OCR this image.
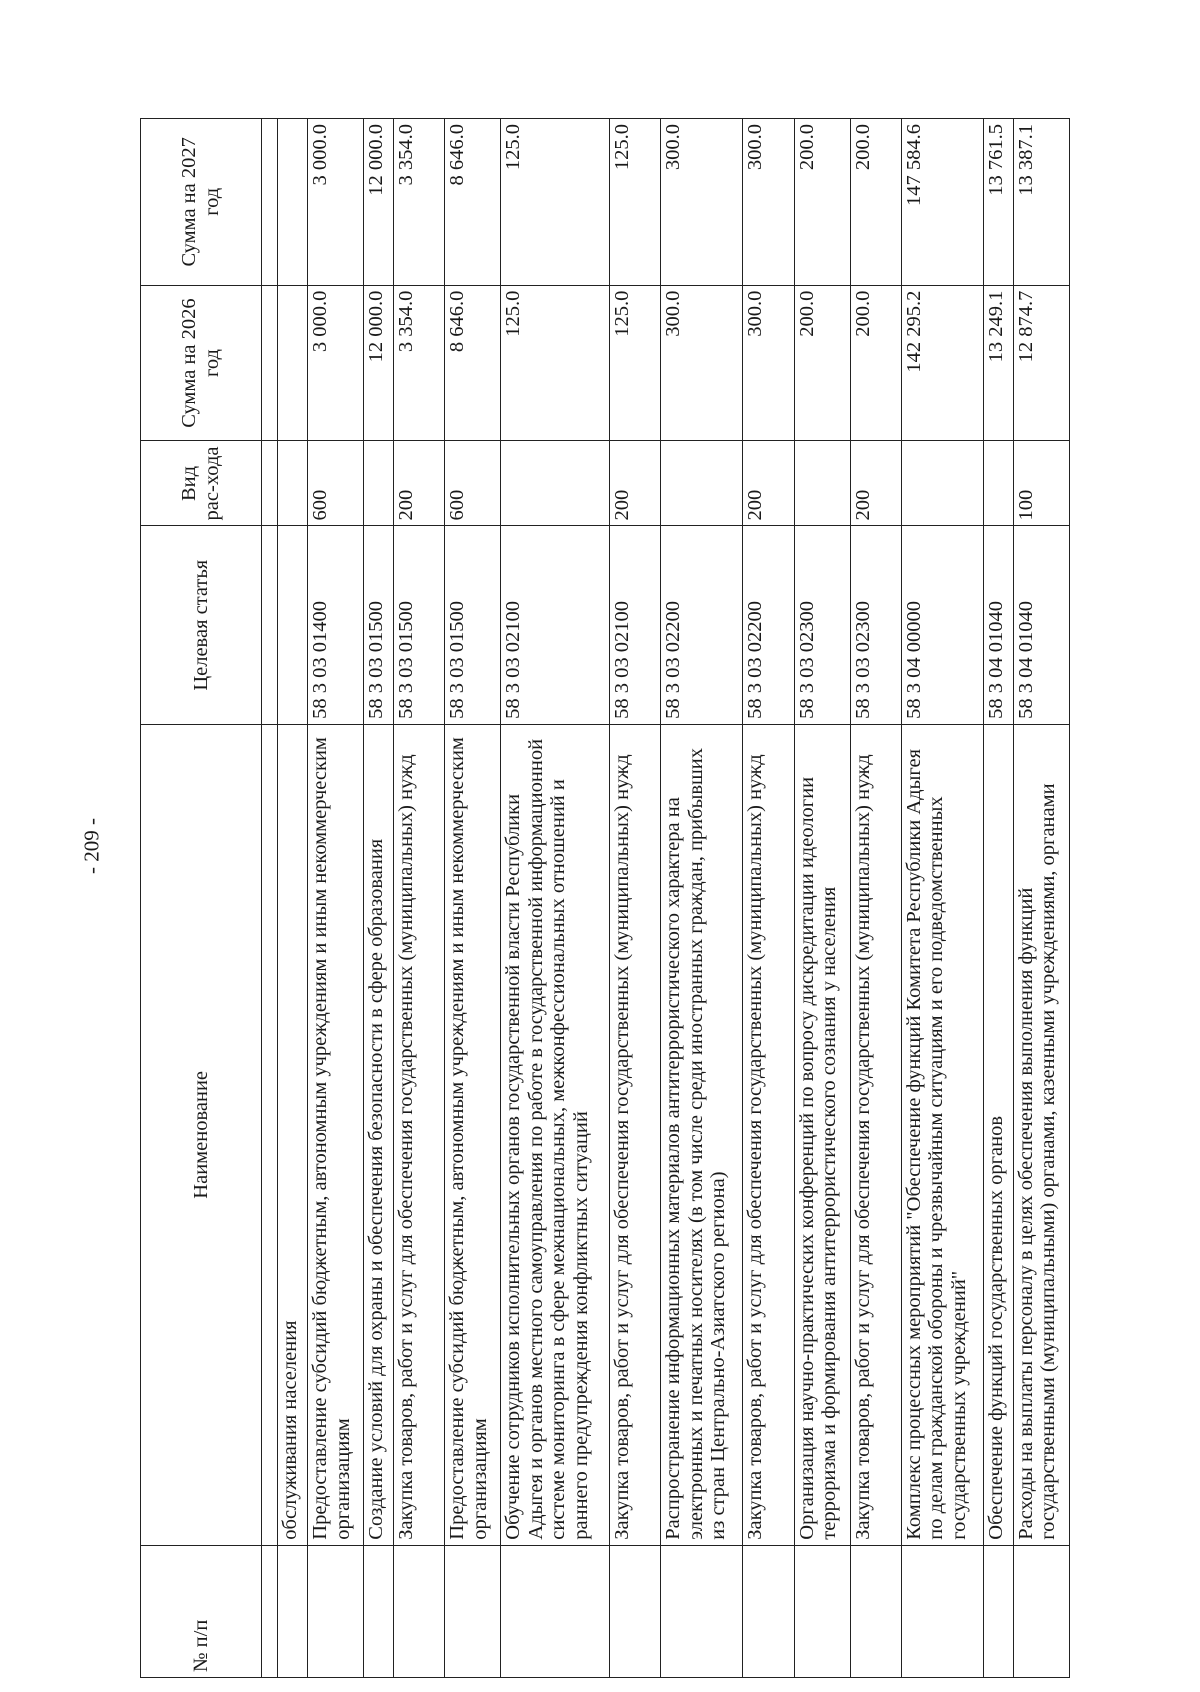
- 209 -
№ п/п	Наименование	Целевая статья	Вид рас-хода	Сумма на 2026 год	Сумма на 2027 год

	обслуживания населения				
	Предоставление субсидий бюджетным, автономным учреждениям и иным некоммерческим организациям	58 3 03 01400	600	3 000.0	3 000.0
	Создание условий для охраны и обеспечения безопасности в сфере образования	58 3 03 01500		12 000.0	12 000.0
	Закупка товаров, работ и услуг для обеспечения государственных (муниципальных) нужд	58 3 03 01500	200	3 354.0	3 354.0
	Предоставление субсидий бюджетным, автономным учреждениям и иным некоммерческим организациям	58 3 03 01500	600	8 646.0	8 646.0
	Обучение сотрудников исполнительных органов государственной власти Республики Адыгея и органов местного самоуправления по работе в государственной информационной системе мониторинга в сфере межнациональных, межконфессиональных отношений и раннего предупреждения конфликтных ситуаций	58 3 03 02100		125.0	125.0
	Закупка товаров, работ и услуг для обеспечения государственных (муниципальных) нужд	58 3 03 02100	200	125.0	125.0
	Распространение информационных материалов антитеррористического характера на электронных и печатных носителях (в том числе среди иностранных граждан, прибывших из стран Центрально-Азиатского региона)	58 3 03 02200		300.0	300.0
	Закупка товаров, работ и услуг для обеспечения государственных (муниципальных) нужд	58 3 03 02200	200	300.0	300.0
	Организация научно-практических конференций по вопросу дискредитации идеологии терроризма и формирования антитеррористического сознания у населения	58 3 03 02300		200.0	200.0
	Закупка товаров, работ и услуг для обеспечения государственных (муниципальных) нужд	58 3 03 02300	200	200.0	200.0
	Комплекс процессных мероприятий "Обеспечение функций Комитета Республики Адыгея по делам гражданской обороны и чрезвычайным ситуациям и его подведомственных государственных учреждений"	58 3 04 00000		142 295.2	147 584.6
	Обеспечение функций государственных органов	58 3 04 01040		13 249.1	13 761.5
	Расходы на выплаты персоналу в целях обеспечения выполнения функций государственными (муниципальными) органами, казенными учреждениями, органами	58 3 04 01040	100	12 874.7	13 387.1
